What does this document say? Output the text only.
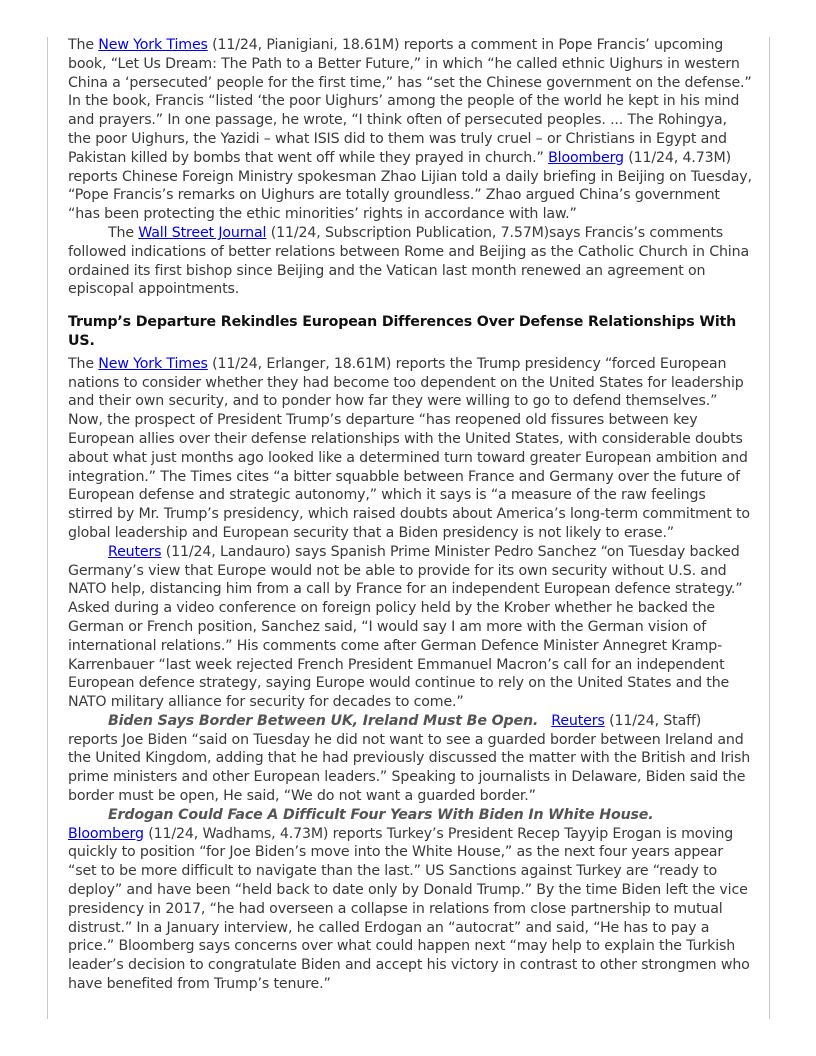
The New York Times (11/24, Pianigiani, 18.61M) reports a comment in Pope Francis’ upcoming book, “Let Us Dream: The Path to a Better Future,” in which “he called ethnic Uighurs in western China a ‘persecuted’ people for the first time,” has “set the Chinese government on the defense.” In the book, Francis “listed ‘the poor Uighurs’ among the people of the world he kept in his mind and prayers.” In one passage, he wrote, “I think often of persecuted peoples. ... The Rohingya, the poor Uighurs, the Yazidi – what ISIS did to them was truly cruel – or Christians in Egypt and Pakistan killed by bombs that went off while they prayed in church.” Bloomberg (11/24, 4.73M) reports Chinese Foreign Ministry spokesman Zhao Lijian told a daily briefing in Beijing on Tuesday, “Pope Francis’s remarks on Uighurs are totally groundless.” Zhao argued China’s government “has been protecting the ethic minorities’ rights in accordance with law.”

The Wall Street Journal (11/24, Subscription Publication, 7.57M)says Francis’s comments followed indications of better relations between Rome and Beijing as the Catholic Church in China ordained its first bishop since Beijing and the Vatican last month renewed an agreement on episcopal appointments.

Trump’s Departure Rekindles European Differences Over Defense Relationships With US.

The New York Times (11/24, Erlanger, 18.61M) reports the Trump presidency “forced European nations to consider whether they had become too dependent on the United States for leadership and their own security, and to ponder how far they were willing to go to defend themselves.” Now, the prospect of President Trump’s departure “has reopened old fissures between key European allies over their defense relationships with the United States, with considerable doubts about what just months ago looked like a determined turn toward greater European ambition and integration.” The Times cites “a bitter squabble between France and Germany over the future of European defense and strategic autonomy,” which it says is “a measure of the raw feelings stirred by Mr. Trump’s presidency, which raised doubts about America’s long-term commitment to global leadership and European security that a Biden presidency is not likely to erase.”

Reuters (11/24, Landauro) says Spanish Prime Minister Pedro Sanchez “on Tuesday backed Germany’s view that Europe would not be able to provide for its own security without U.S. and NATO help, distancing him from a call by France for an independent European defence strategy.” Asked during a video conference on foreign policy held by the Krober whether he backed the German or French position, Sanchez said, “I would say I am more with the German vision of international relations.” His comments come after German Defence Minister Annegret Kramp-Karrenbauer “last week rejected French President Emmanuel Macron’s call for an independent European defence strategy, saying Europe would continue to rely on the United States and the NATO military alliance for security for decades to come.”

Biden Says Border Between UK, Ireland Must Be Open. Reuters (11/24, Staff) reports Joe Biden “said on Tuesday he did not want to see a guarded border between Ireland and the United Kingdom, adding that he had previously discussed the matter with the British and Irish prime ministers and other European leaders.” Speaking to journalists in Delaware, Biden said the border must be open, He said, “We do not want a guarded border.”

Erdogan Could Face A Difficult Four Years With Biden In White House.
Bloomberg (11/24, Wadhams, 4.73M) reports Turkey’s President Recep Tayyip Erogan is moving quickly to position “for Joe Biden’s move into the White House,” as the next four years appear “set to be more difficult to navigate than the last.” US Sanctions against Turkey are “ready to deploy” and have been “held back to date only by Donald Trump.” By the time Biden left the vice presidency in 2017, “he had overseen a collapse in relations from close partnership to mutual distrust.” In a January interview, he called Erdogan an “autocrat” and said, “He has to pay a price.” Bloomberg says concerns over what could happen next “may help to explain the Turkish leader’s decision to congratulate Biden and accept his victory in contrast to other strongmen who have benefited from Trump’s tenure.”
